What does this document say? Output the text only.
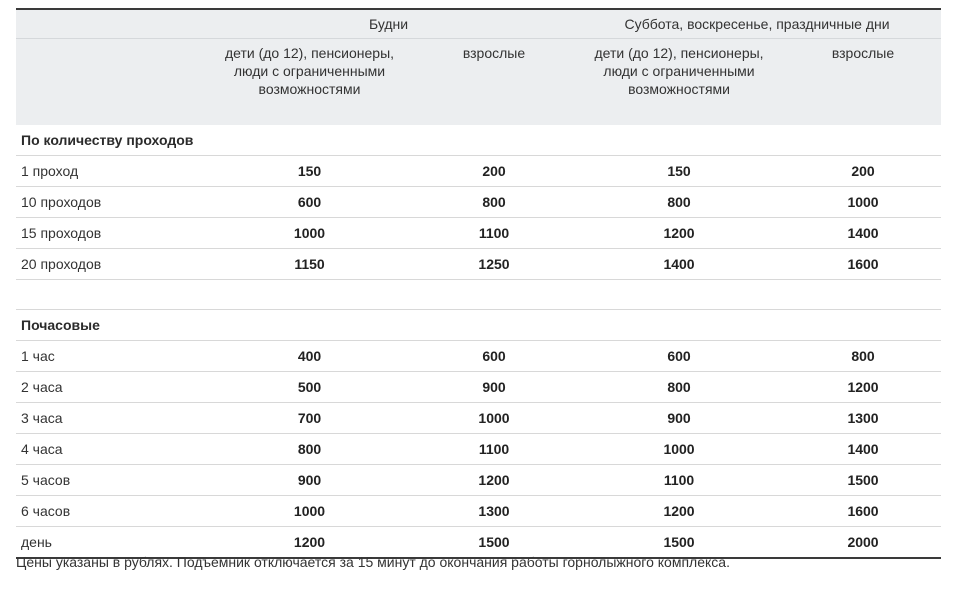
	Будни		Суббота, воскресенье, праздничные дни	
	дети (до 12), пенсионеры, люди с ограниченными возможностями	взрослые	дети (до 12), пенсионеры, люди с ограниченными возможностями	взрослые
По количеству проходов				
1 проход	150	200	150	200
10 проходов	600	800	800	1000
15 проходов	1000	1100	1200	1400
20 проходов	1150	1250	1400	1600

Почасовые				
1 час	400	600	600	800
2 часа	500	900	800	1200
3 часа	700	1000	900	1300
4 часа	800	1100	1000	1400
5 часов	900	1200	1100	1500
6 часов	1000	1300	1200	1600
день	1200	1500	1500	2000
Цены указаны в рублях. Подъемник отключается за 15 минут до окончания работы горнолыжного комплекса.
